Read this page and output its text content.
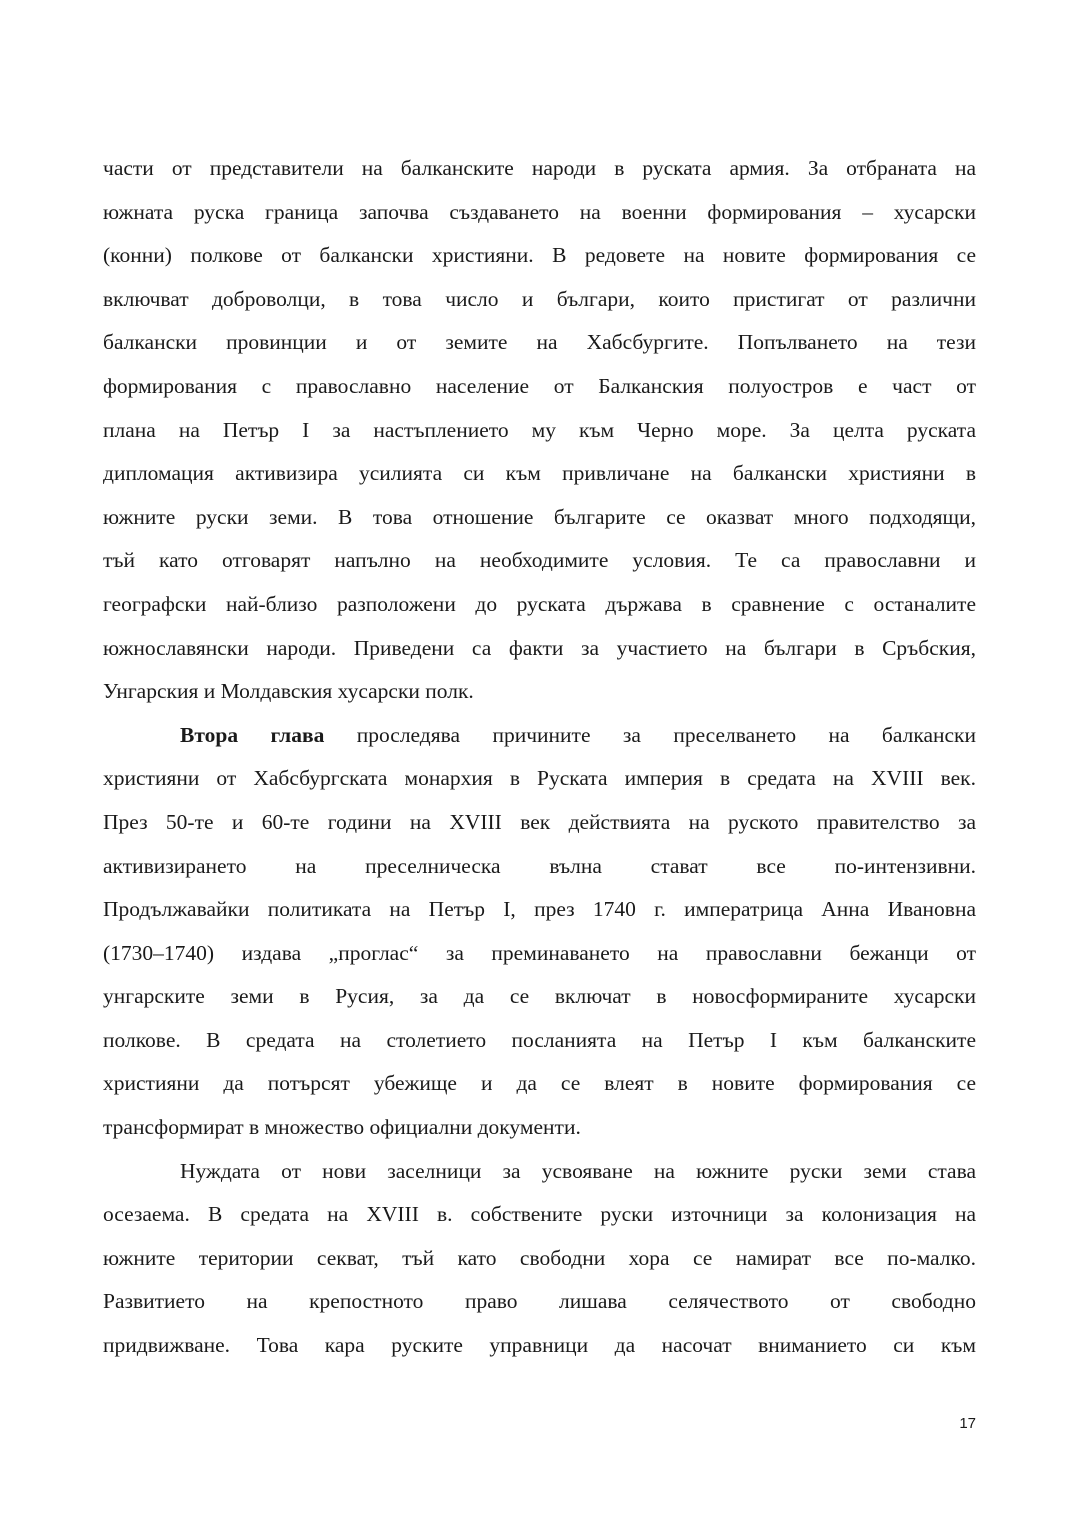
части от представители на балканските народи в руската армия. За отбраната на
южната руска граница започва създаването на военни формирования – хусарски
(конни) полкове от балкански християни. В редовете на новите формирования се
включват доброволци, в това число и българи, които пристигат от различни
балкански провинции и от земите на Хабсбургите. Попълването на тези
формирования с православно население от Балканския полуостров е част от
плана на Петър I за настъплението му към Черно море. За целта руската
дипломация активизира усилията си към привличане на балкански християни в
южните руски земи. В това отношение българите се оказват много подходящи,
тъй като отговарят напълно на необходимите условия. Те са православни и
географски най-близо разположени до руската държава в сравнение с останалите
южнославянски народи. Приведени са факти за участието на българи в Сръбския,
Унгарския и Молдавския хусарски полк.
Втора глава проследява причините за преселването на балкански
християни от Хабсбургската монархия в Руската империя в средата на XVIII век.
През 50-те и 60-те години на XVIII век действията на руското правителство за
активизирането на преселническа вълна стават все по-интензивни.
Продължавайки политиката на Петър I, през 1740 г. императрица Анна Ивановна
(1730–1740) издава „проглас“ за преминаването на православни бежанци от
унгарските земи в Русия, за да се включат в новосформираните хусарски
полкове. В средата на столетието посланията на Петър I към балканските
християни да потърсят убежище и да се влеят в новите формирования се
трансформират в множество официални документи.
Нуждата от нови заселници за усвояване на южните руски земи става
осезаема. В средата на XVIII в. собствените руски източници за колонизация на
южните територии секват, тъй като свободни хора се намират все по-малко.
Развитието на крепостното право лишава селячеството от свободно
придвижване. Това кара руските управници да насочат вниманието си към
17
